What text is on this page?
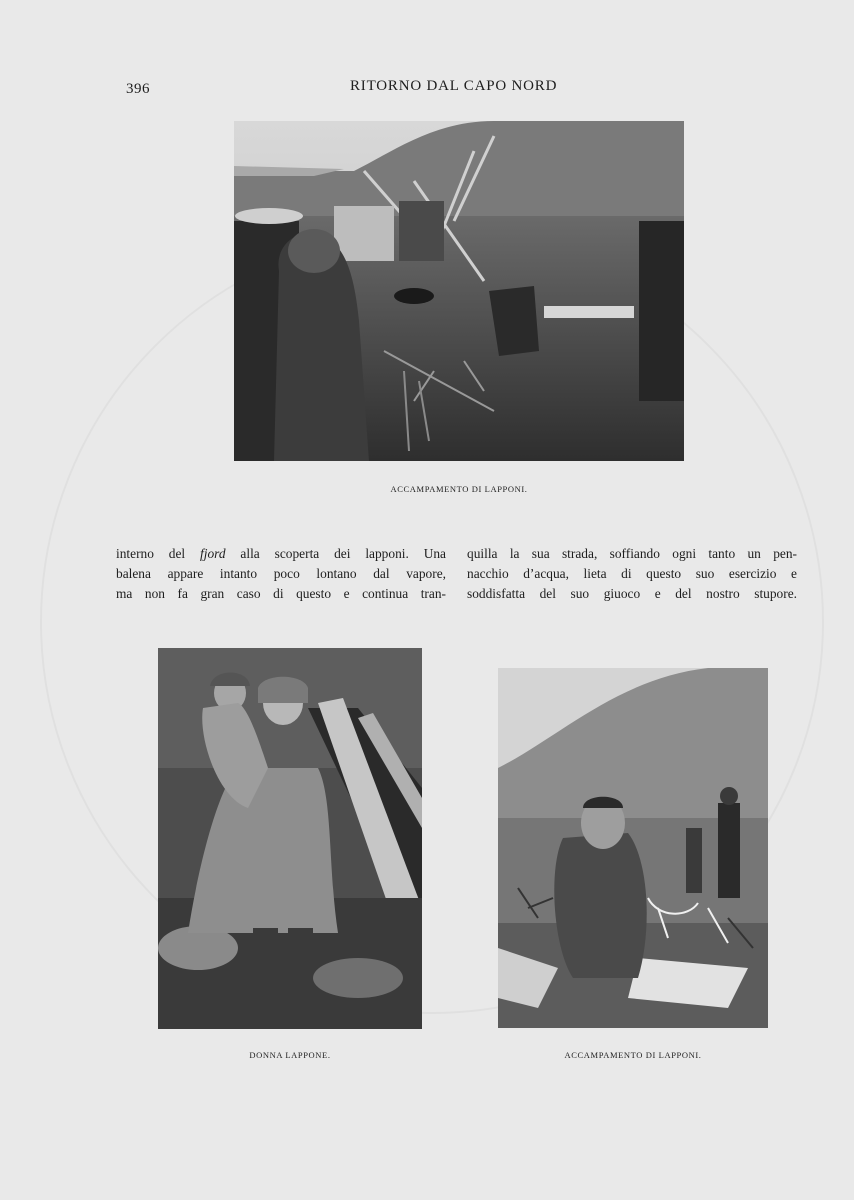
396	RITORNO DAL CAPO NORD
ACCAMPAMENTO DI LAPPONI.
interno del fjord alla scoperta dei lapponi. Una
balena appare intanto poco lontano dal vapore,
ma non fa gran caso di questo e continua tran-
quilla la sua strada, soffiando ogni tanto un pen-
nacchio d’acqua, lieta di questo suo esercizio e
soddisfatta del suo giuoco e del nostro stupore.
DONNA LAPPONE.	ACCAMPAMENTO DI LAPPONI.
